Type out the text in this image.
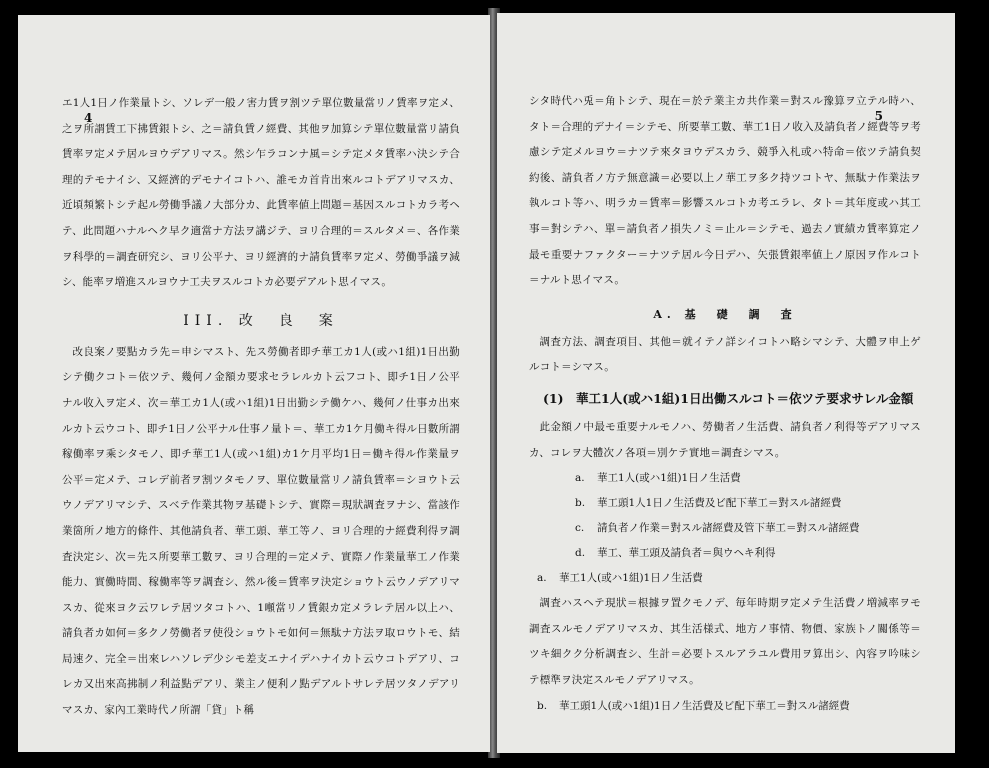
4

エ1人1日ノ作業量トシ、ソレデ一般ノ害力賃ヲ割ツテ單位數量當リノ賃率ヲ定メ、之ヲ所謂賃工下拂賃銀トシ、之＝請負賃ノ經費、其他ヲ加算シテ單位數量當リ請負賃率ヲ定メテ居ルヨウデアリマス。然シ乍ラコンナ風＝シテ定メタ賃率ハ決シテ合理的テモナイシ、又經濟的デモナイコトハ、誰モカ首肯出來ルコトデアリマスカ、近頃頻繁トシテ起ル勞働爭議ノ大部分カ、此賃率値上問題＝基因スルコトカラ考ヘテ、此問題ハナルヘク早ク適當ナ方法ヲ講ジテ、ヨリ合理的＝スルタメ＝、各作業ヲ科學的＝調査研究シ、ヨリ公平ナ、ヨリ經濟的ナ請負賃率ヲ定メ、勞働爭議ヲ減シ、能率ヲ増進スルヨウナ工夫ヲスルコトカ必要デアルト思イマス。

III. 改　良　案

改良案ノ要點カラ先＝申シマスト、先ス勞働者即チ華工カ1人(或ハ1組)1日出勤シテ働クコト＝依ツテ、幾何ノ金額カ要求セラレルカト云フコト、即チ1日ノ公平ナル收入ヲ定メ、次＝華工カ1人(或ハ1組)1日出勤シテ働ケハ、幾何ノ仕事カ出來ルカト云ウコト、即チ1日ノ公平ナル仕事ノ量ト＝、華工カ1ケ月働キ得ル日數所謂稼働率ヲ乘シタモノ、即チ華工1人(或ハ1組)カ1ケ月平均1日＝働キ得ル作業量ヲ公平＝定メテ、コレデ前者ヲ割ツタモノヲ、單位數量當リノ請負賃率＝シヨウト云ウノデアリマシテ、スベテ作業其物ヲ基礎トシテ、實際＝現狀調査ヲナシ、當該作業箇所ノ地方的條件、其他請負者、華工頭、華工等ノ、ヨリ合理的ナ經費利得ヲ調査決定シ、次＝先ス所要華工數ヲ、ヨリ合理的＝定メテ、實際ノ作業量華工ノ作業能力、實働時間、稼働率等ヲ調査シ、然ル後＝賃率ヲ決定ショウト云ウノデアリマスカ、從來ヨク云ワレテ居ツタコトハ、1噸當リノ賃銀カ定メラレテ居ル以上ハ、請負者カ如何＝多クノ勞働者ヲ使役ショウトモ如何＝無駄ナ方法ヲ取ロウトモ、結局速ク、完全＝出來レハソレデ少シモ差支エナイデハナイカト云ウコトデアリ、コレカ又出來高拂制ノ利益點デアリ、業主ノ便利ノ點デアルトサレテ居ツタノデアリマスカ、家內工業時代ノ所謂「貸」ト稱

5

シタ時代ハ兎＝角トシテ、現在＝於テ業主カ共作業＝對スル豫算ヲ立テル時ハ、タト＝合理的デナイ＝シテモ、所要華工數、華工1日ノ收入及請負者ノ經費等ヲ考慮シテ定メルヨウ＝ナツテ來タヨウデスカラ、競爭入札或ハ特命＝依ツテ請負契約後、請負者ノ方テ無意識＝必要以上ノ華工ヲ多ク持ツコトヤ、無駄ナ作業法ヲ執ルコト等ハ、明ラカ＝賃率＝影響スルコトカ考エラレ、タト＝其年度或ハ其工事＝對シテハ、單＝請負者ノ損失ノミ＝止ル＝シテモ、過去ノ實績カ賃率算定ノ最モ重要ナファクター＝ナツテ居ル今日デハ、矢張賃銀率値上ノ原因ヲ作ルコト＝ナルト思イマス。

A. 基　礎　調　査

調査方法、調査項目、其他＝就イテノ詳シイコトハ略シマシテ、大體ヲ申上ゲルコト＝シマス。

(1)　華工1人(或ハ1組)1日出働スルコト＝依ツテ要求サレル金額

此金額ノ中最モ重要ナルモノハ、勞働者ノ生活費、請負者ノ利得等デアリマスカ、コレヲ大體次ノ各項＝別ケテ實地＝調査シマス。

a. 華工1人(或ハ1組)1日ノ生活費
b. 華工頭1人1日ノ生活費及ビ配下華工＝對スル諸經費
c. 請負者ノ作業＝對スル諸經費及管下華工＝對スル諸經費
d. 華工、華工頭及請負者＝與ウヘキ利得
a. 華工1人(或ハ1組)1日ノ生活費

調査ハスヘテ現狀＝根據ヲ置クモノデ、毎年時期ヲ定メテ生活費ノ増減率ヲモ調査スルモノデアリマスカ、其生活様式、地方ノ事情、物價、家族トノ關係等＝ツキ細クク分析調査シ、生計＝必要トスルアラユル費用ヲ算出シ、內容ヲ吟味シテ標準ヲ決定スルモノデアリマス。

b. 華工頭1人(或ハ1組)1日ノ生活費及ビ配下華工＝對スル諸經費
